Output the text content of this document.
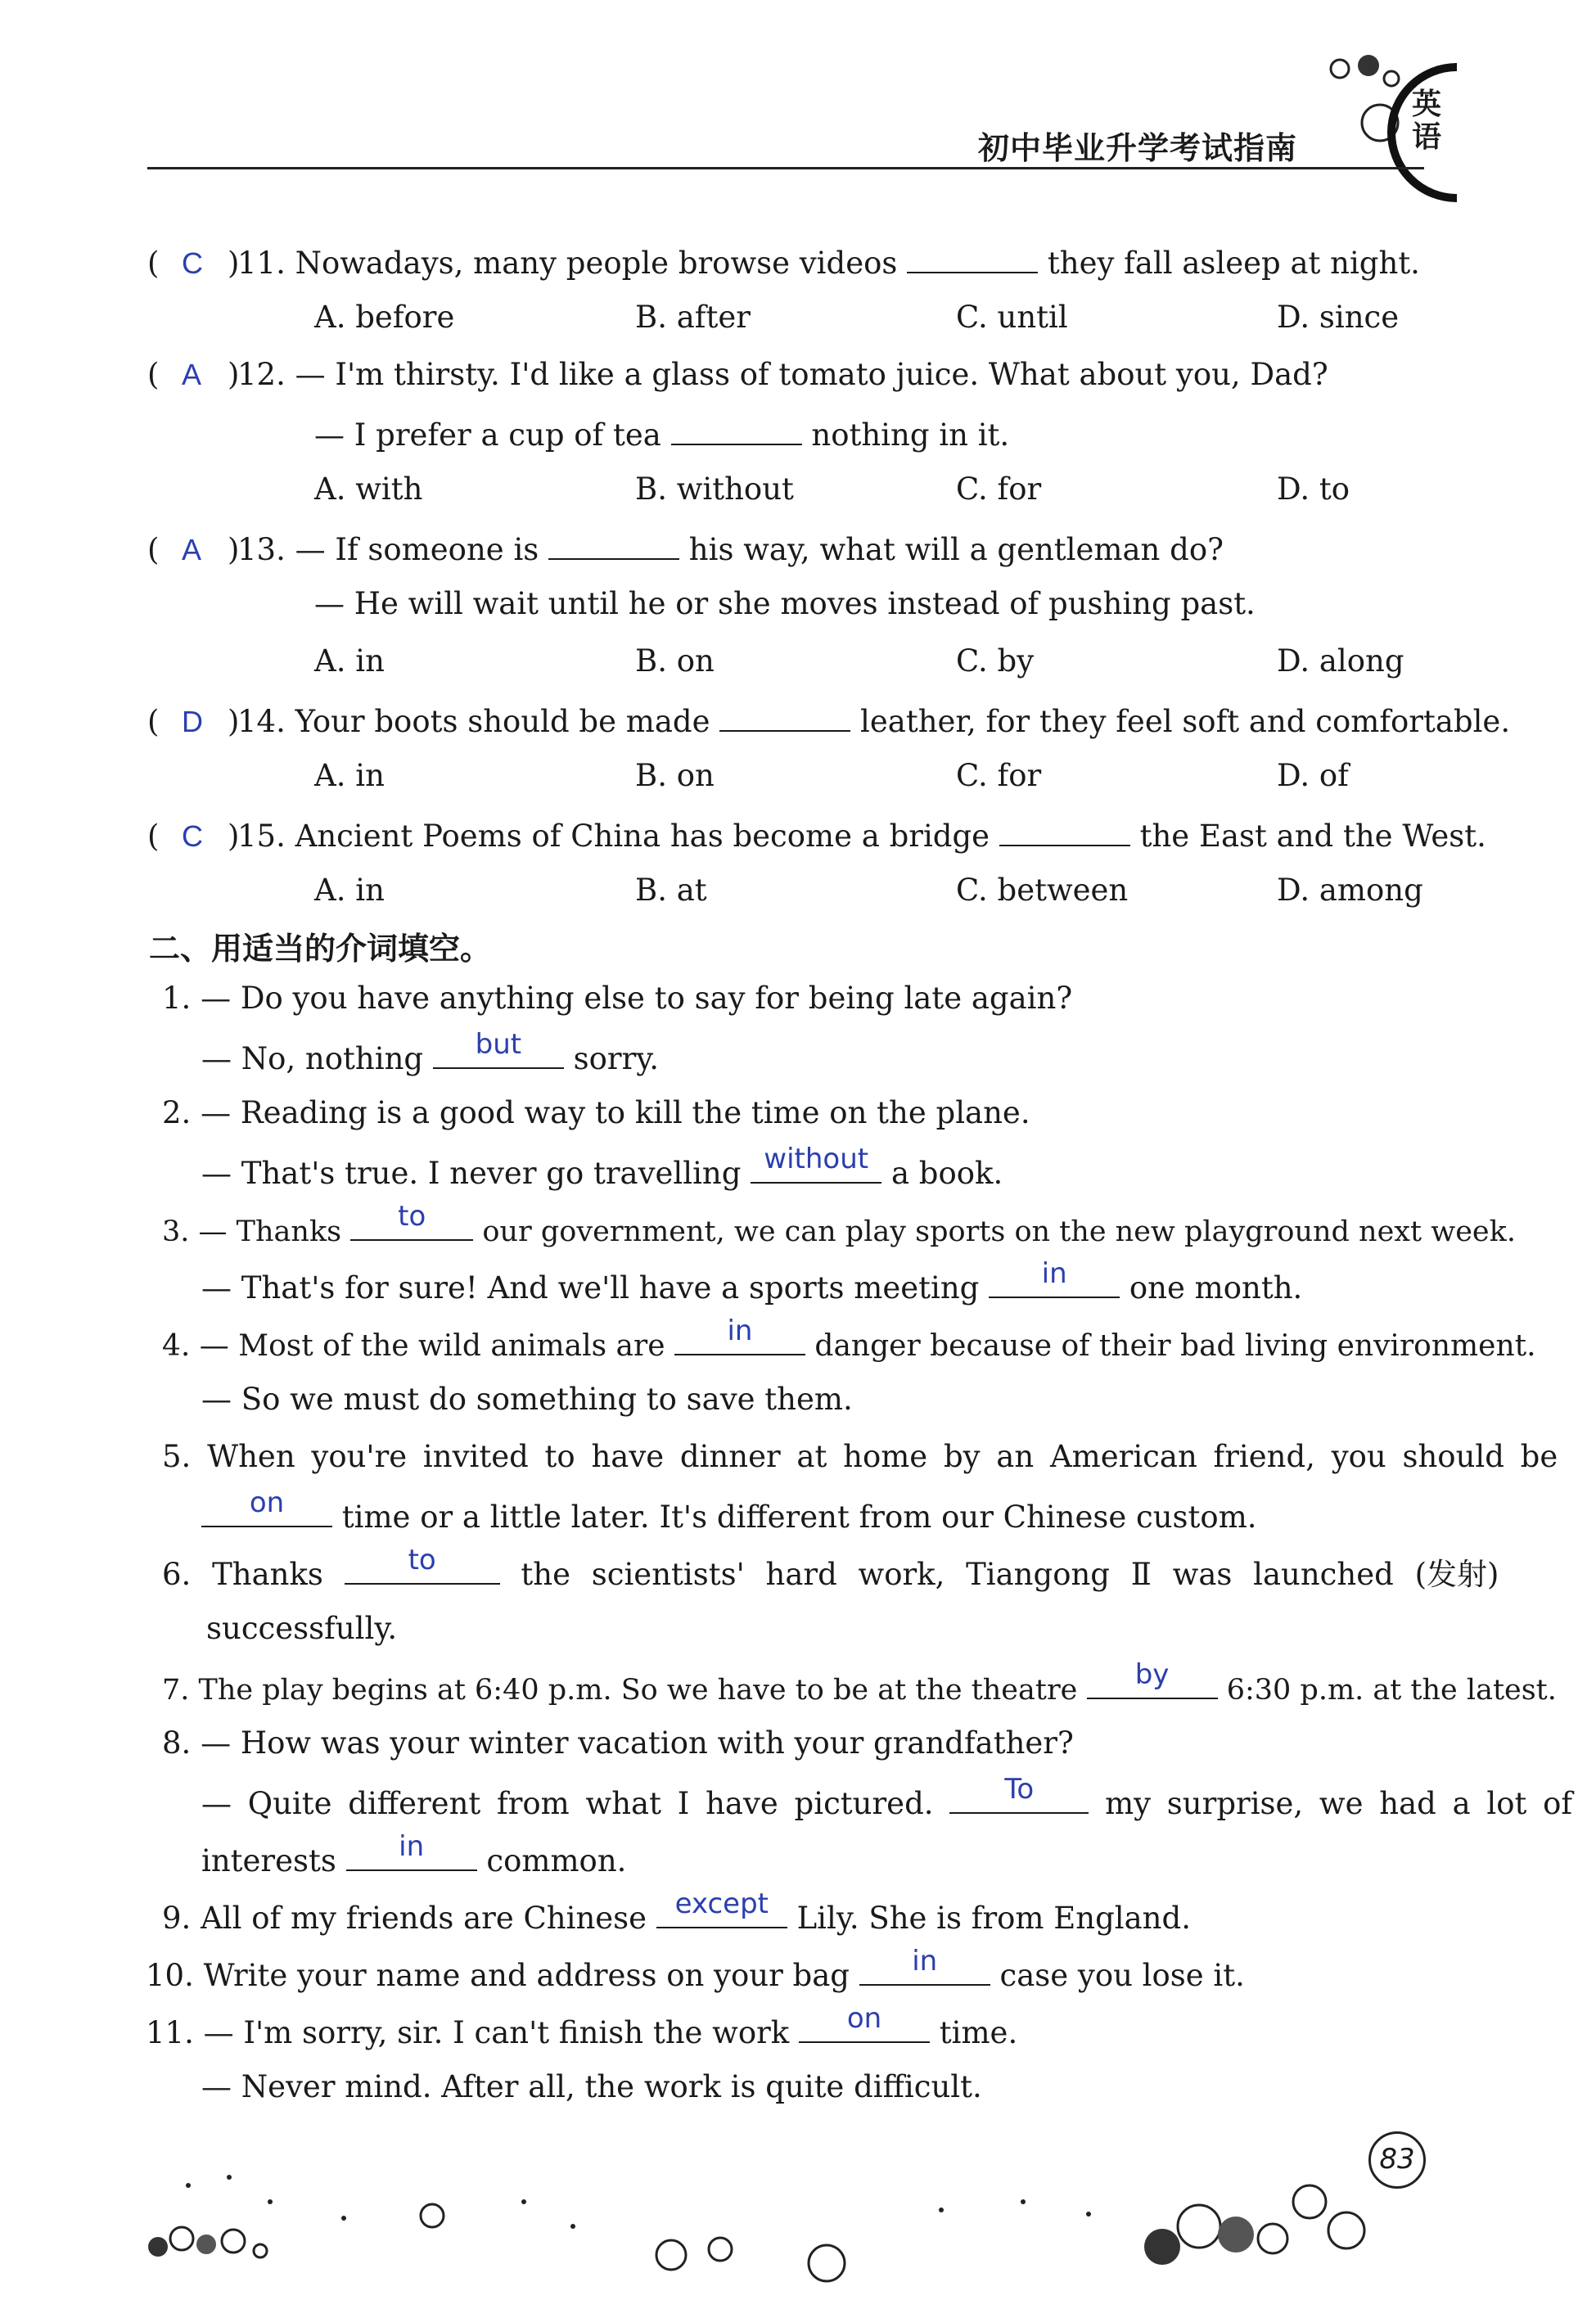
英语
初中毕业升学考试指南
( C )
11. Nowadays, many people browse videos	they fall asleep at night.
A. before	B. after	C. until	D. since
( A )
12. — I'm thirsty. I'd like a glass of tomato juice. What about you, Dad?
— I prefer a cup of tea	nothing in it.
A. with	B. without	C. for	D. to
( A )
13. — If someone is	his way, what will a gentleman do?
— He will wait until he or she moves instead of pushing past.
A. in	B. on	C. by	D. along
( D )
14. Your boots should be made	leather, for they feel soft and comfortable.
A. in	B. on	C. for	D. of
( C )
15. Ancient Poems of China has become a bridge	the East and the West.
A. in	B. at	C. between	D. among
二、用适当的介词填空。
1. — Do you have anything else to say for being late again?
— No, nothing	but	sorry.
2. — Reading is a good way to kill the time on the plane.
— That's true. I never go travelling without a book.
3. — Thanks	to	our government, we can play sports on the new playground next week.
— That's for sure! And we'll have a sports meeting	in	one month.
4. — Most of the wild animals are	in	danger because of their bad living environment.
— So we must do something to save them.
5. When you're invited to have dinner at home by an American friend, you should be
on	time or a little later. It's different from our Chinese custom.
6. Thanks	to	the scientists' hard work, Tiangong Ⅱ was launched (发射)
successfully.
7. The play begins at 6:40 p.m. So we have to be at the theatre	by	6:30 p.m. at the latest.
8. — How was your winter vacation with your grandfather?
— Quite different from what I have pictured.	To	my surprise, we had a lot of
interests	in	common.
9. All of my friends are Chinese	except Lily. She is from England.
10. Write your name and address on your bag	in	case you lose it.
11. — I'm sorry, sir. I can't finish the work	on	time.
— Never mind. After all, the work is quite difficult.
83
